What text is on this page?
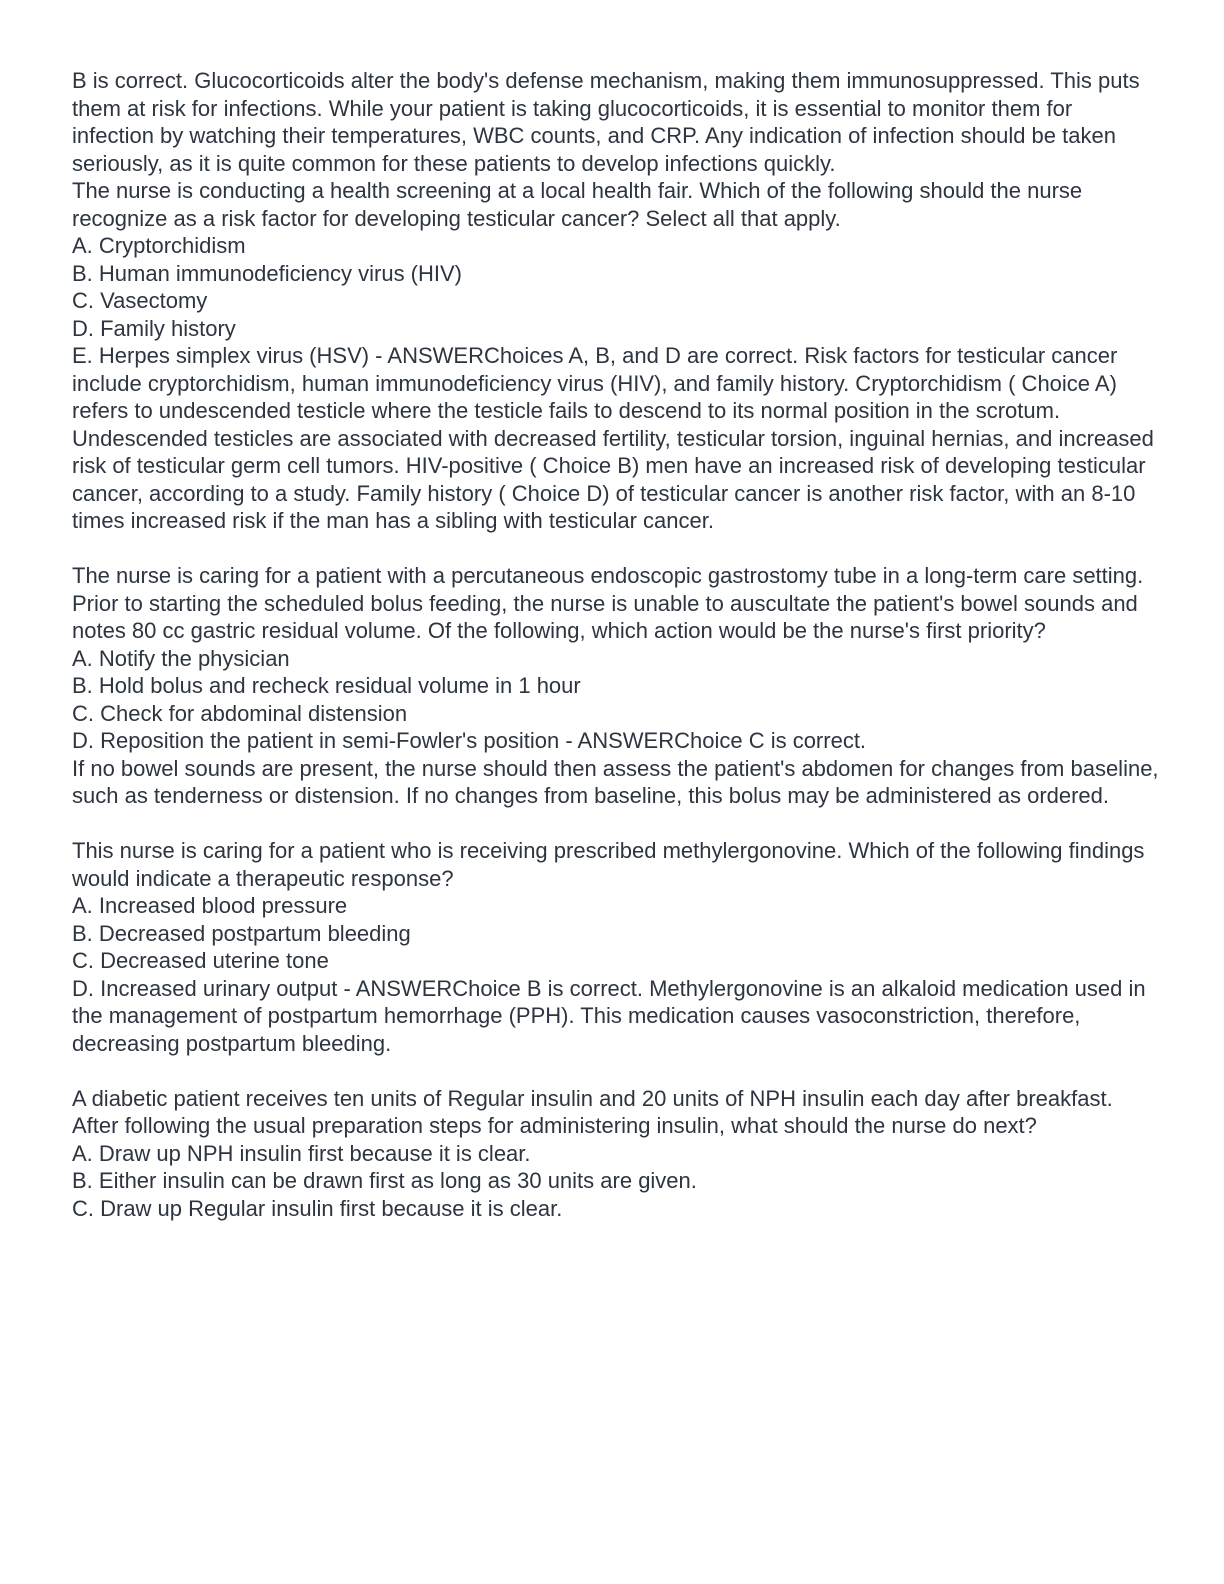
B is correct. Glucocorticoids alter the body's defense mechanism, making them immunosuppressed. This puts them at risk for infections. While your patient is taking glucocorticoids, it is essential to monitor them for infection by watching their temperatures, WBC counts, and CRP. Any indication of infection should be taken seriously, as it is quite common for these patients to develop infections quickly.

The nurse is conducting a health screening at a local health fair. Which of the following should the nurse recognize as a risk factor for developing testicular cancer? Select all that apply.

A. Cryptorchidism
B. Human immunodeficiency virus (HIV)
C. Vasectomy
D. Family history
E. Herpes simplex virus (HSV) - ANSWERChoices A, B, and D are correct. Risk factors for testicular cancer include cryptorchidism, human immunodeficiency virus (HIV), and family history. Cryptorchidism ( Choice A) refers to undescended testicle where the testicle fails to descend to its normal position in the scrotum. Undescended testicles are associated with decreased fertility, testicular torsion, inguinal hernias, and increased risk of testicular germ cell tumors. HIV-positive ( Choice B) men have an increased risk of developing testicular cancer, according to a study. Family history ( Choice D) of testicular cancer is another risk factor, with an 8-10 times increased risk if the man has a sibling with testicular cancer.

The nurse is caring for a patient with a percutaneous endoscopic gastrostomy tube in a long-term care setting. Prior to starting the scheduled bolus feeding, the nurse is unable to auscultate the patient's bowel sounds and notes 80 cc gastric residual volume. Of the following, which action would be the nurse's first priority?

A. Notify the physician
B. Hold bolus and recheck residual volume in 1 hour
C. Check for abdominal distension
D. Reposition the patient in semi-Fowler's position - ANSWERChoice C is correct.
If no bowel sounds are present, the nurse should then assess the patient's abdomen for changes from baseline, such as tenderness or distension. If no changes from baseline, this bolus may be administered as ordered.

This nurse is caring for a patient who is receiving prescribed methylergonovine. Which of the following findings would indicate a therapeutic response?

A. Increased blood pressure
B. Decreased postpartum bleeding
C. Decreased uterine tone
D. Increased urinary output - ANSWERChoice B is correct. Methylergonovine is an alkaloid medication used in the management of postpartum hemorrhage (PPH). This medication causes vasoconstriction, therefore, decreasing postpartum bleeding.

A diabetic patient receives ten units of Regular insulin and 20 units of NPH insulin each day after breakfast. After following the usual preparation steps for administering insulin, what should the nurse do next?

A. Draw up NPH insulin first because it is clear.
B. Either insulin can be drawn first as long as 30 units are given.
C. Draw up Regular insulin first because it is clear.
